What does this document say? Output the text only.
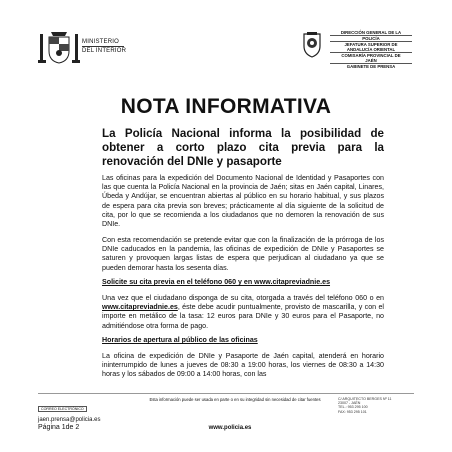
MINISTERIO
DEL INTERIOR
DIRECCIÓN GENERAL DE LA
POLICÍA
JEFATURA SUPERIOR DE
ANDALUCÍA ORIENTAL
COMISARÍA PROVINCIAL DE
JAÉN
GABINETE DE PRENSA
NOTA INFORMATIVA
La Policía Nacional informa la posibilidad de obtener a corto plazo cita previa para la renovación del DNIe y pasaporte
Las oficinas para la expedición del Documento Nacional de Identidad y Pasaportes con las que cuenta la Policía Nacional en la provincia de Jaén; sitas en Jaén capital, Linares, Úbeda y Andújar, se encuentran abiertas al público en su horario habitual, y sus plazos de espera para cita previa son breves; prácticamente al día siguiente de la solicitud de cita, por lo que se recomienda a los ciudadanos que no demoren la renovación de sus DNIe.
Con esta recomendación se pretende evitar que con la finalización de la prórroga de los DNIe caducados en la pandemia, las oficinas de expedición de DNIe y Pasaportes se saturen y provoquen largas listas de espera que perjudican al ciudadano ya que se pueden demorar hasta los sesenta días.
Solicite su cita previa en el teléfono 060 y en www.citapreviadnie.es
Una vez que el ciudadano disponga de su cita, otorgada a través del teléfono 060 o en www.citapreviadnie.es, éste debe acudir puntualmente, provisto de mascarilla, y con el importe en metálico de la tasa: 12 euros para DNIe y 30 euros para el Pasaporte, no admitiéndose otra forma de pago.
Horarios de apertura al público de las oficinas
La oficina de expedición de DNIe y Pasaporte de Jaén capital, atenderá en horario ininterrumpido de lunes a jueves de 08:30 a 19:00 horas, los viernes de 08:30 a 14:30 horas y los sábados de 09:00 a 14:00 horas, con las
CORREO ELECTRÓNICO
jaen.prensa@policia.es
Página 1de 2
Esta información puede ser usada en parte o en su integridad sin necesidad de citar fuentes
www.policia.es
C/ ARQUITECTO BERGES Nº 11
23007 - JAÉN
TEL.: 953 295 100
FAX: 953 295 101
